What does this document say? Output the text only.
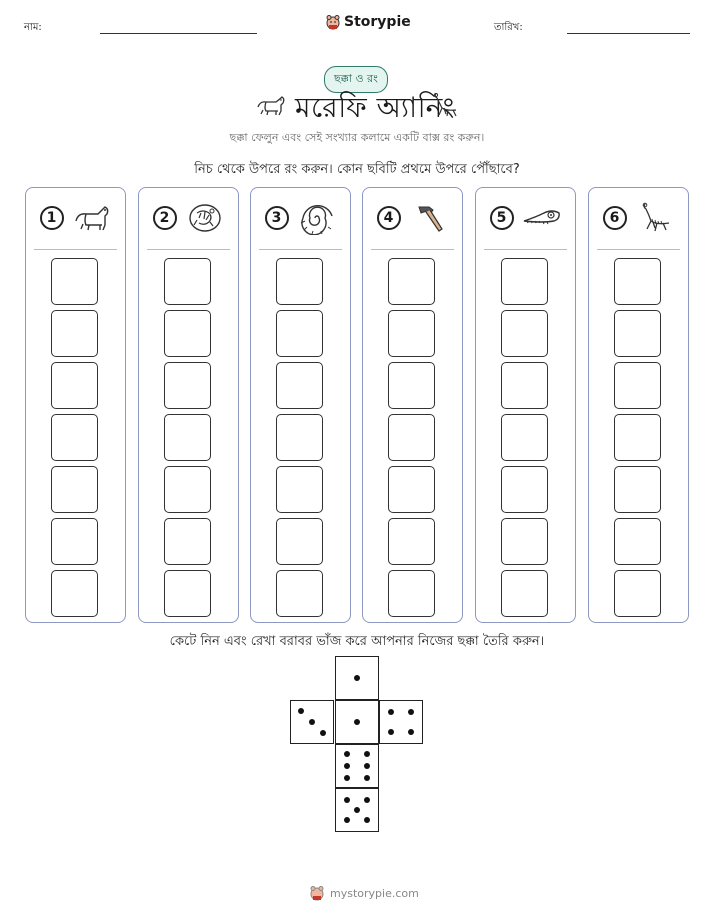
নাম:	Storypie	তারিখ:
ছক্কা ও রং
মরেফি অ্যানিং
ছক্কা ফেলুন এবং সেই সংখ্যার কলামে একটি বাক্স রং করুন।
নিচ থেকে উপরে রং করুন। কোন ছবিটি প্রথমে উপরে পৌঁছাবে?
1	2	3	4	5	6
কেটে নিন এবং রেখা বরাবর ভাঁজ করে আপনার নিজের ছক্কা তৈরি করুন।
mystorypie.com
